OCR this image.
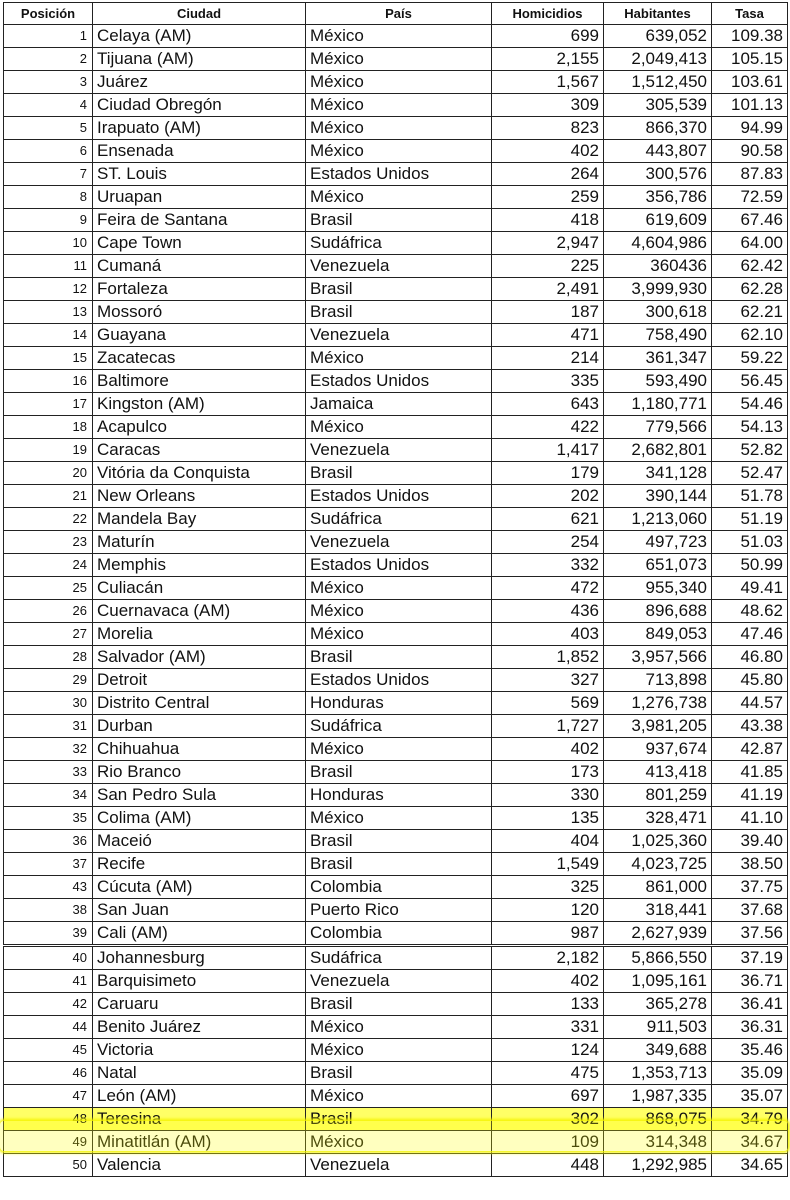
Posición	Ciudad	País	Homicidios	Habitantes	Tasa
1	Celaya (AM)	México	699	639,052	109.38
2	Tijuana (AM)	México	2,155	2,049,413	105.15
3	Juárez	México	1,567	1,512,450	103.61
4	Ciudad Obregón	México	309	305,539	101.13
5	Irapuato (AM)	México	823	866,370	94.99
6	Ensenada	México	402	443,807	90.58
7	ST. Louis	Estados Unidos	264	300,576	87.83
8	Uruapan	México	259	356,786	72.59
9	Feira de Santana	Brasil	418	619,609	67.46
10	Cape Town	Sudáfrica	2,947	4,604,986	64.00
11	Cumaná	Venezuela	225	360436	62.42
12	Fortaleza	Brasil	2,491	3,999,930	62.28
13	Mossoró	Brasil	187	300,618	62.21
14	Guayana	Venezuela	471	758,490	62.10
15	Zacatecas	México	214	361,347	59.22
16	Baltimore	Estados Unidos	335	593,490	56.45
17	Kingston (AM)	Jamaica	643	1,180,771	54.46
18	Acapulco	México	422	779,566	54.13
19	Caracas	Venezuela	1,417	2,682,801	52.82
20	Vitória da Conquista	Brasil	179	341,128	52.47
21	New Orleans	Estados Unidos	202	390,144	51.78
22	Mandela Bay	Sudáfrica	621	1,213,060	51.19
23	Maturín	Venezuela	254	497,723	51.03
24	Memphis	Estados Unidos	332	651,073	50.99
25	Culiacán	México	472	955,340	49.41
26	Cuernavaca (AM)	México	436	896,688	48.62
27	Morelia	México	403	849,053	47.46
28	Salvador (AM)	Brasil	1,852	3,957,566	46.80
29	Detroit	Estados Unidos	327	713,898	45.80
30	Distrito Central	Honduras	569	1,276,738	44.57
31	Durban	Sudáfrica	1,727	3,981,205	43.38
32	Chihuahua	México	402	937,674	42.87
33	Rio Branco	Brasil	173	413,418	41.85
34	San Pedro Sula	Honduras	330	801,259	41.19
35	Colima (AM)	México	135	328,471	41.10
36	Maceió	Brasil	404	1,025,360	39.40
37	Recife	Brasil	1,549	4,023,725	38.50
43	Cúcuta (AM)	Colombia	325	861,000	37.75
38	San Juan	Puerto Rico	120	318,441	37.68
39	Cali (AM)	Colombia	987	2,627,939	37.56
40	Johannesburg	Sudáfrica	2,182	5,866,550	37.19
41	Barquisimeto	Venezuela	402	1,095,161	36.71
42	Caruaru	Brasil	133	365,278	36.41
44	Benito Juárez	México	331	911,503	36.31
45	Victoria	México	124	349,688	35.46
46	Natal	Brasil	475	1,353,713	35.09
47	León (AM)	México	697	1,987,335	35.07
48	Teresina	Brasil	302	868,075	34.79
49	Minatitlán (AM)	México	109	314,348	34.67
50	Valencia	Venezuela	448	1,292,985	34.65
